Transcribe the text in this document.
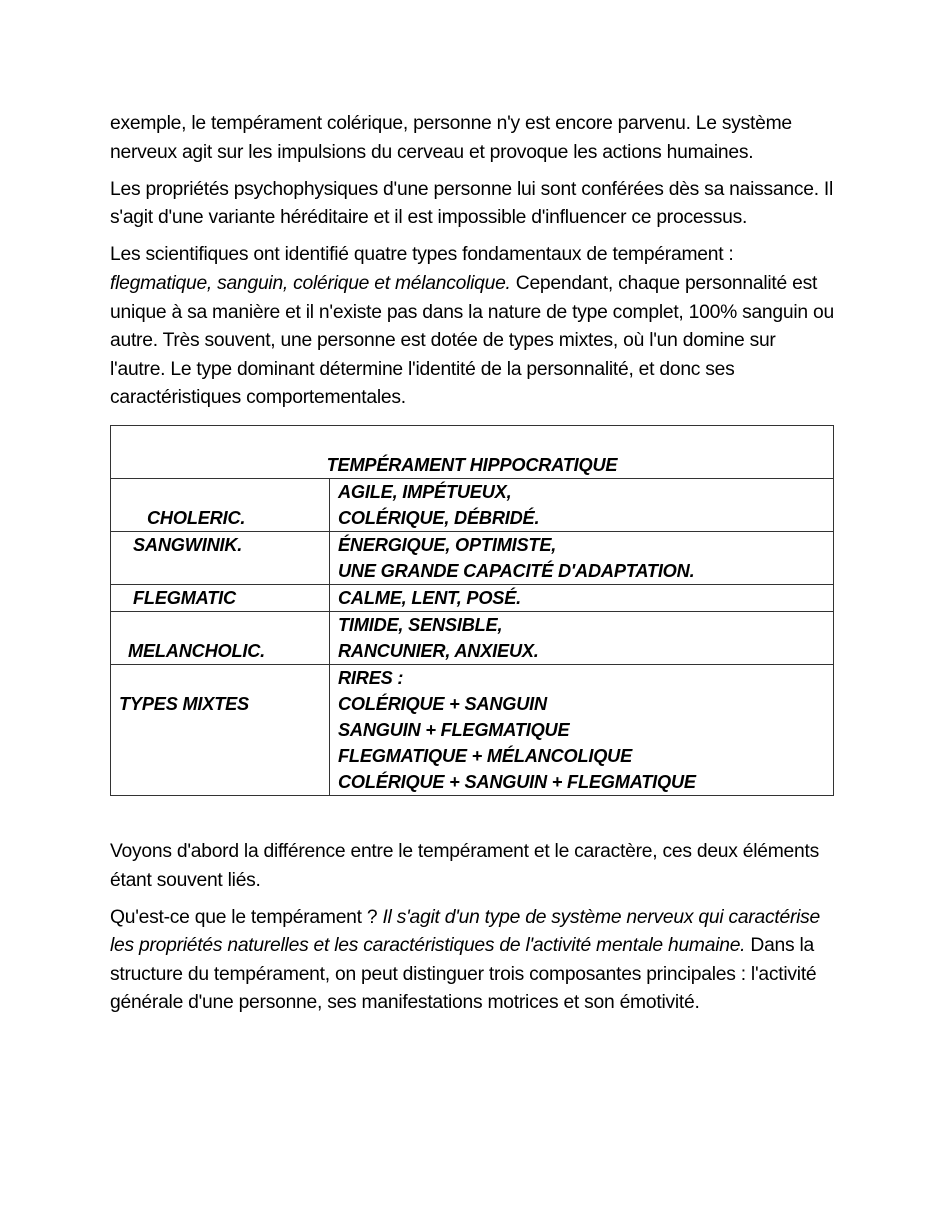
exemple, le tempérament colérique, personne n'y est encore parvenu. Le système nerveux agit sur les impulsions du cerveau et provoque les actions humaines.

Les propriétés psychophysiques d'une personne lui sont conférées dès sa naissance. Il s'agit d'une variante héréditaire et il est impossible d'influencer ce processus.

Les scientifiques ont identifié quatre types fondamentaux de tempérament : flegmatique, sanguin, colérique et mélancolique. Cependant, chaque personnalité est unique à sa manière et il n'existe pas dans la nature de type complet, 100% sanguin ou autre. Très souvent, une personne est dotée de types mixtes, où l'un domine sur l'autre. Le type dominant détermine l'identité de la personnalité, et donc ses caractéristiques comportementales.

TEMPÉRAMENT HIPPOCRATIQUE	

CHOLERIC.	AGILE, IMPÉTUEUX,
COLÉRIQUE, DÉBRIDÉ.

SANGWINIK.	ÉNERGIQUE, OPTIMISTE,
UNE GRANDE CAPACITÉ D'ADAPTATION.

FLEGMATIC	CALME, LENT, POSÉ.

MELANCHOLIC.	TIMIDE, SENSIBLE,
RANCUNIER, ANXIEUX.

TYPES MIXTES	RIRES :
COLÉRIQUE + SANGUIN
SANGUIN + FLEGMATIQUE
FLEGMATIQUE + MÉLANCOLIQUE
COLÉRIQUE + SANGUIN + FLEGMATIQUE

Voyons d'abord la différence entre le tempérament et le caractère, ces deux éléments étant souvent liés.

Qu'est-ce que le tempérament ? Il s'agit d'un type de système nerveux qui caractérise les propriétés naturelles et les caractéristiques de l'activité mentale humaine. Dans la structure du tempérament, on peut distinguer trois composantes principales : l'activité générale d'une personne, ses manifestations motrices et son émotivité.
